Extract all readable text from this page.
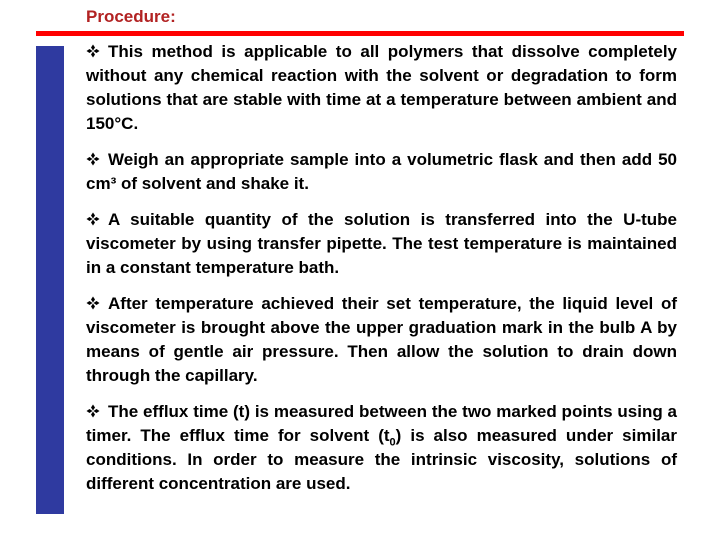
Procedure:

This method is applicable to all polymers that dissolve completely without any chemical reaction with the solvent or degradation to form solutions that are stable with time at a temperature between ambient and 150°C.

Weigh an appropriate sample into a volumetric flask and then add 50 cm³ of solvent and shake it.

A suitable quantity of the solution is transferred into the U-tube viscometer by using transfer pipette. The test temperature is maintained in a constant temperature bath.

After temperature achieved their set temperature, the liquid level of viscometer is brought above the upper graduation mark in the bulb A by means of gentle air pressure. Then allow the solution to drain down through the capillary.

The efflux time (t) is measured between the two marked points using a timer. The efflux time for solvent $(t_0)$ is also measured under similar conditions. In order to measure the intrinsic viscosity, solutions of different concentration are used.
